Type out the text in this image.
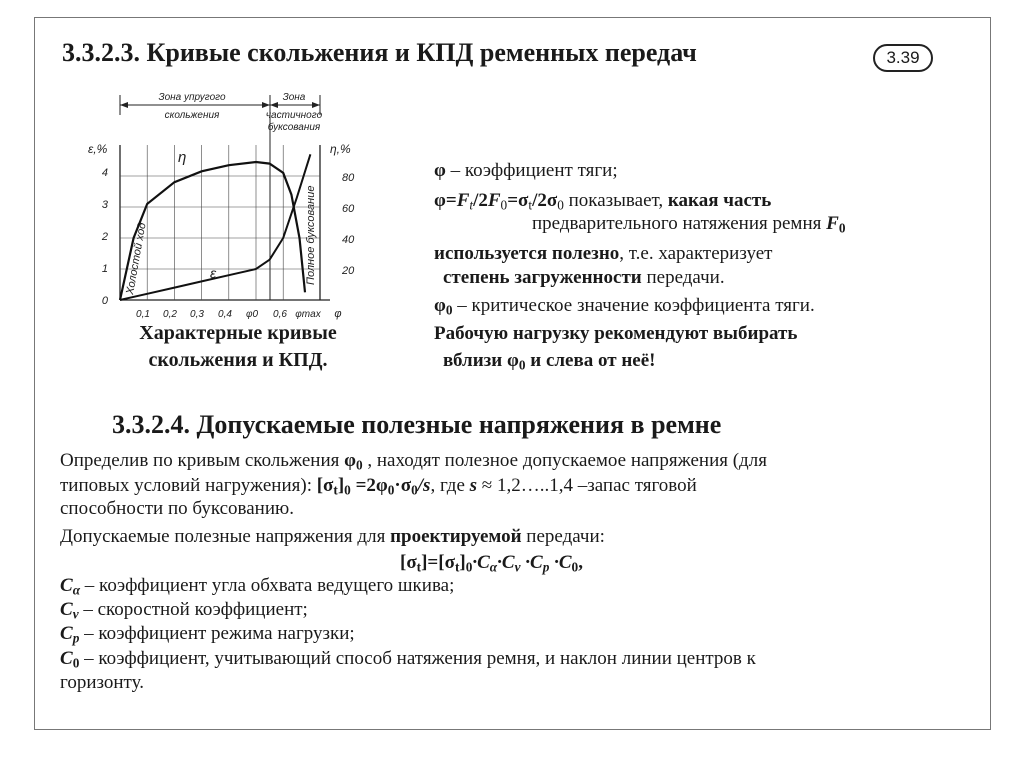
3.3.2.3. Кривые скольжения и КПД ременных передач	3.39
Зона упругого
скольжения
Зона
частичного
буксования
ε,%	η,%
0
1
2
3
4
20
40
60
80
0,1 0,2 0,3 0,4 φ0 0,6 φmax φ
Холостой ход	Полное буксование
η
ε
Характерные кривые
скольжения и КПД.
φ – коэффициент тяги;
$\varphi=F_t/2F_0=\sigma_t/2\sigma_0$ показывает, какая часть
предварительного натяжения ремня $F_0$
используется полезно, т.е. характеризует
степень загруженности передачи.
$\varphi_0$ – критическое значение коэффициента тяги.
Рабочую нагрузку рекомендуют выбирать
вблизи $\varphi_0$ и слева от неё!
3.3.2.4. Допускаемые полезные напряжения в ремне
Определив по кривым скольжения $\varphi_0$ , находят полезное допускаемое напряжения (для
типовых условий нагружения): $[\sigma_t]_0 =2\varphi_0\cdot\sigma_0/s$, где s ≈ 1,2…..1,4 –запас тяговой
способности по буксованию.
Допускаемые полезные напряжения для проектируемой передачи:
$[\sigma_t]=[\sigma_t]_0\cdot C_\alpha\cdot C_v \cdot C_p \cdot C_0$,
$C_\alpha$ – коэффициент угла обхвата ведущего шкива;
$C_v$ – скоростной коэффициент;
$C_p$ – коэффициент режима нагрузки;
$C_0$ – коэффициент, учитывающий способ натяжения ремня, и наклон линии центров к
горизонту.
